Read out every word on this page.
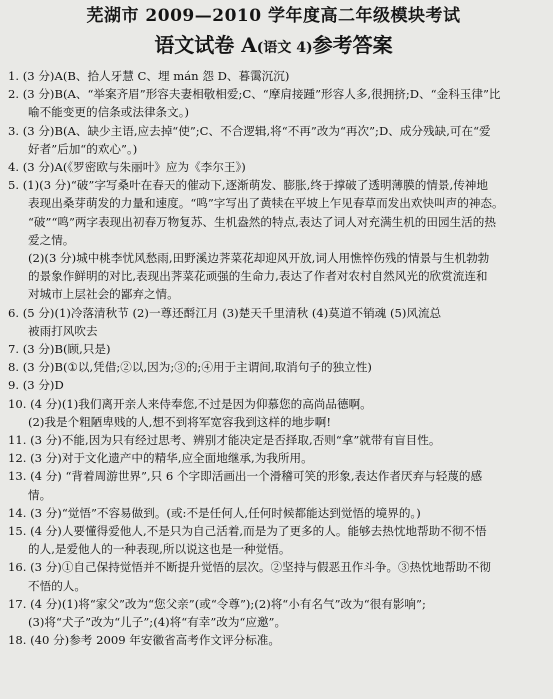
芜湖市 2009—2010 学年度高二年级模块考试
语文试卷 A(语文 4)参考答案

1. (3 分)A(B、拾人牙慧 C、埋 mán 怨 D、暮霭沉沉)

2. (3 分)B(A、“举案齐眉”形容夫妻相敬相爱;C、“摩肩接踵”形容人多,很拥挤;D、“金科玉律”比

喻不能变更的信条或法律条文。)

3. (3 分)B(A、缺少主语,应去掉“使”;C、不合逻辑,将“不再”改为“再次”;D、成分残缺,可在“爱

好者”后加“的欢心”。)

4. (3 分)A(《罗密欧与朱丽叶》应为《李尔王》)

5. (1)(3 分)“破”字写桑叶在春天的催动下,逐渐萌发、膨胀,终于撑破了透明薄膜的情景,传神地

表现出桑芽萌发的力量和速度。“鸣”字写出了黄犊在平坡上乍见春草而发出欢快叫声的神态。

“破”“鸣”两字表现出初春万物复苏、生机盎然的特点,表达了词人对充满生机的田园生活的热

爱之情。

(2)(3 分)城中桃李忧风愁雨,田野溪边荠菜花却迎风开放,词人用憔悴伤残的情景与生机勃勃

的景象作鲜明的对比,表现出荠菜花顽强的生命力,表达了作者对农村自然风光的欣赏流连和

对城市上层社会的鄙弃之情。

6. (5 分)(1)冷落清秋节 (2)一尊还酹江月 (3)楚天千里清秋 (4)莫道不销魂 (5)风流总

被雨打风吹去

7. (3 分)B(顾,只是)

8. (3 分)B(①以,凭借;②以,因为;③的;④用于主谓间,取消句子的独立性)

9. (3 分)D

10. (4 分)(1)我们离开亲人来侍奉您,不过是因为仰慕您的高尚品德啊。

(2)我是个粗陋卑贱的人,想不到将军宽容我到这样的地步啊!

11. (3 分)不能,因为只有经过思考、辨别才能决定是否择取,否则“拿”就带有盲目性。

12. (3 分)对于文化遗产中的精华,应全面地继承,为我所用。

13. (4 分) “背着周游世界”,只 6 个字即活画出一个滑稽可笑的形象,表达作者厌弃与轻蔑的感

情。

14. (3 分)“觉悟”不容易做到。(或:不是任何人,任何时候都能达到觉悟的境界的。)

15. (4 分)人要懂得爱他人,不是只为自己活着,而是为了更多的人。能够去热忱地帮助不彻不悟

的人,是爱他人的一种表现,所以说这也是一种觉悟。

16. (3 分)①自己保持觉悟并不断提升觉悟的层次。②坚持与假恶丑作斗争。③热忱地帮助不彻

不悟的人。

17. (4 分)(1)将“家父”改为“您父亲”(或“令尊”);(2)将“小有名气”改为“很有影响”;

(3)将“犬子”改为“儿子”;(4)将“有幸”改为“应邀”。

18. (40 分)参考 2009 年安徽省高考作文评分标准。
